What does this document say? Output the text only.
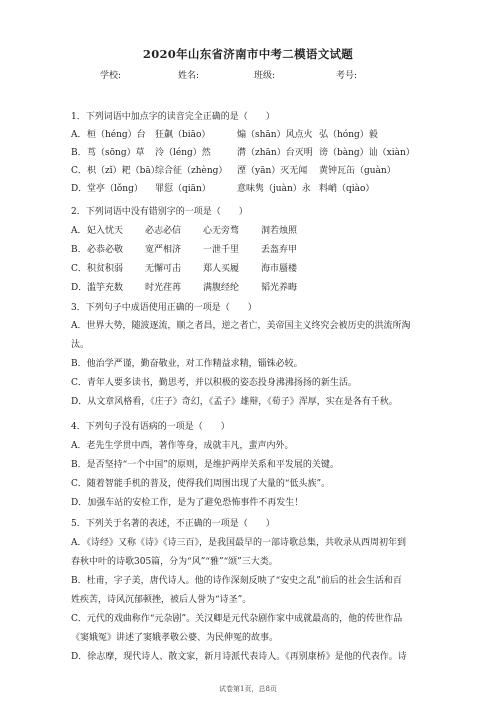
2020年山东省济南市中考二模语文试题
学校:	姓名:	班级:	考号:
1．下列词语中加点字的读音完全正确的是（　　）
A．桓（héng）台 狂飙（biāo）	煽（shān）风点火 弘（hóng）毅
B．茑（sōng）草 泠（léng）然	潸（zhān）台灭明 谤（bàng）讪（xiàn）
C．枳（zǐ）耙（bā）综合征（zhèng） 湮（yān）灭无闻 黄钟瓦缶（guàn）
D．堂亭（lǒng） 罪愆（qiān）	意味隽（juàn）永 料峭（qiào）
2．下列词语中没有错别字的一项是（　　）
A．妃入忧天 必志必信 心无旁骛 洞若烛照
B．必恭必敬 宽严相济 一泄千里 丢盔弃甲
C．积贫积弱 无懈可击 郑人买履 海市蜃楼
D．滥竽充数 时光荏苒 满腹经纶 韬光养晦
3．下列句子中成语使用正确的一项是（　　）
A．世界大势，随波逐流，顺之者昌，逆之者亡，美帝国主义终究会被历史的洪流所淘
汰。
B．他治学严谨，勤奋敬业，对工作精益求精，锱铢必较。
C．青年人要多读书，勤思考，并以积极的姿态投身沸沸扬扬的新生活。
D．从文章风格看，《庄子》奇幻，《孟子》雄辩，《荀子》浑厚，实在是各有千秋。
4．下列句子没有语病的一项是（　　）
A．老先生学贯中西，著作等身，成就丰凡，蜚声内外。
B．是否坚持“一个中国”的原则，是维护两岸关系和平发展的关键。
C．随着智能手机的普及，使得我们周围出现了大量的“低头族”。
D．加强车站的安检工作，是为了避免恐怖事件不再发生！
5．下列关于名著的表述，不正确的一项是（　　）
A．《诗经》又称《诗》《诗三百》，是我国最早的一部诗歌总集，共收录从西周初年到
春秋中叶的诗歌305篇，分为“风”“雅”“颂”三大类。
B．杜甫，字子美，唐代诗人。他的诗作深刻反映了“安史之乱”前后的社会生活和百
姓疾苦，诗风沉郁顿挫，被后人誉为“诗圣”。
C．元代的戏曲称作“元杂剧”。关汉卿是元代杂剧作家中成就最高的，他的传世作品
《窦娥冤》讲述了窦娥孝敬公婆、为民伸冤的故事。
D．徐志摩，现代诗人、散文家，新月诗派代表诗人。《再别康桥》是他的代表作。诗
试卷第1页，总8页
